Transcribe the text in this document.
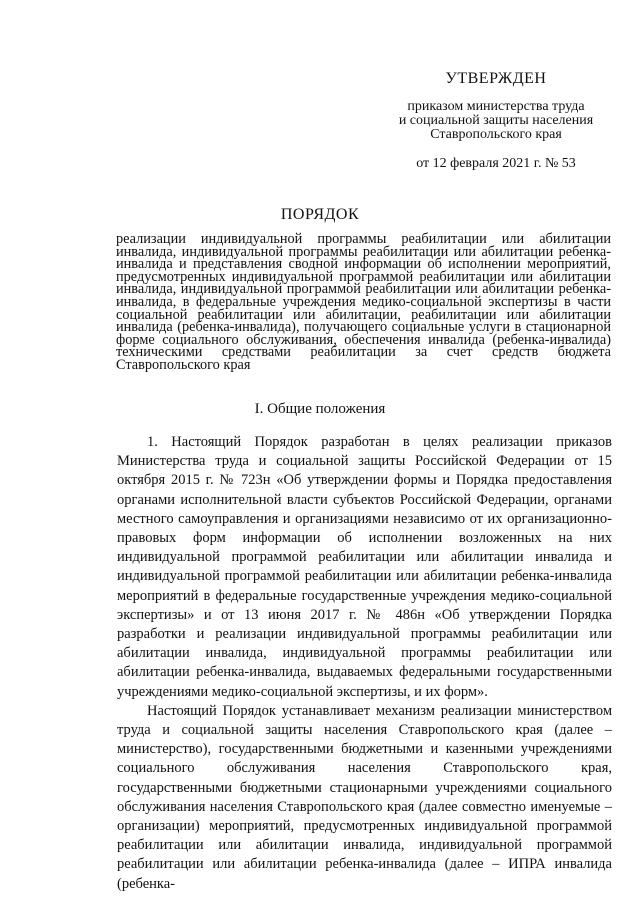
УТВЕРЖДЕН
приказом министерства труда
и социальной защиты населения
Ставропольского края
от 12 февраля 2021 г. № 53
ПОРЯДОК
реализации индивидуальной программы реабилитации или абилитации инвалида, индивидуальной программы реабилитации или абилитации ребенка-инвалида и представления сводной информации об исполнении мероприятий, предусмотренных индивидуальной программой реабилитации или абилитации инвалида, индивидуальной программой реабилитации или абилитации ребенка-инвалида, в федеральные учреждения медико-социальной экспертизы в части социальной реабилитации или абилитации, реабилитации или абилитации инвалида (ребенка-инвалида), получающего социальные услуги в стационарной форме социального обслуживания, обеспечения инвалида (ребенка-инвалида) техническими средствами реабилитации за счет средств бюджета Ставропольского края
I. Общие положения

1. Настоящий Порядок разработан в целях реализации приказов Министерства труда и социальной защиты Российской Федерации от 15 октября 2015 г. № 723н «Об утверждении формы и Порядка предоставления органами исполнительной власти субъектов Российской Федерации, органами местного самоуправления и организациями независимо от их организационно-правовых форм информации об исполнении возложенных на них индивидуальной программой реабилитации или абилитации инвалида и индивидуальной программой реабилитации или абилитации ребенка-инвалида мероприятий в федеральные государственные учреждения медико-социальной экспертизы» и от 13 июня 2017 г. № 486н «Об утверждении Порядка разработки и реализации индивидуальной программы реабилитации или абилитации инвалида, индивидуальной программы реабилитации или абилитации ребенка-инвалида, выдаваемых федеральными государственными учреждениями медико-социальной экспертизы, и их форм».

Настоящий Порядок устанавливает механизм реализации министерством труда и социальной защиты населения Ставропольского края (далее – министерство), государственными бюджетными и казенными учреждениями социального обслуживания населения Ставропольского края, государственными бюджетными стационарными учреждениями социального обслуживания населения Ставропольского края (далее совместно именуемые – организации) мероприятий, предусмотренных индивидуальной программой реабилитации или абилитации инвалида, индивидуальной программой реабилитации или абилитации ребенка-инвалида (далее – ИПРА инвалида (ребенка-
